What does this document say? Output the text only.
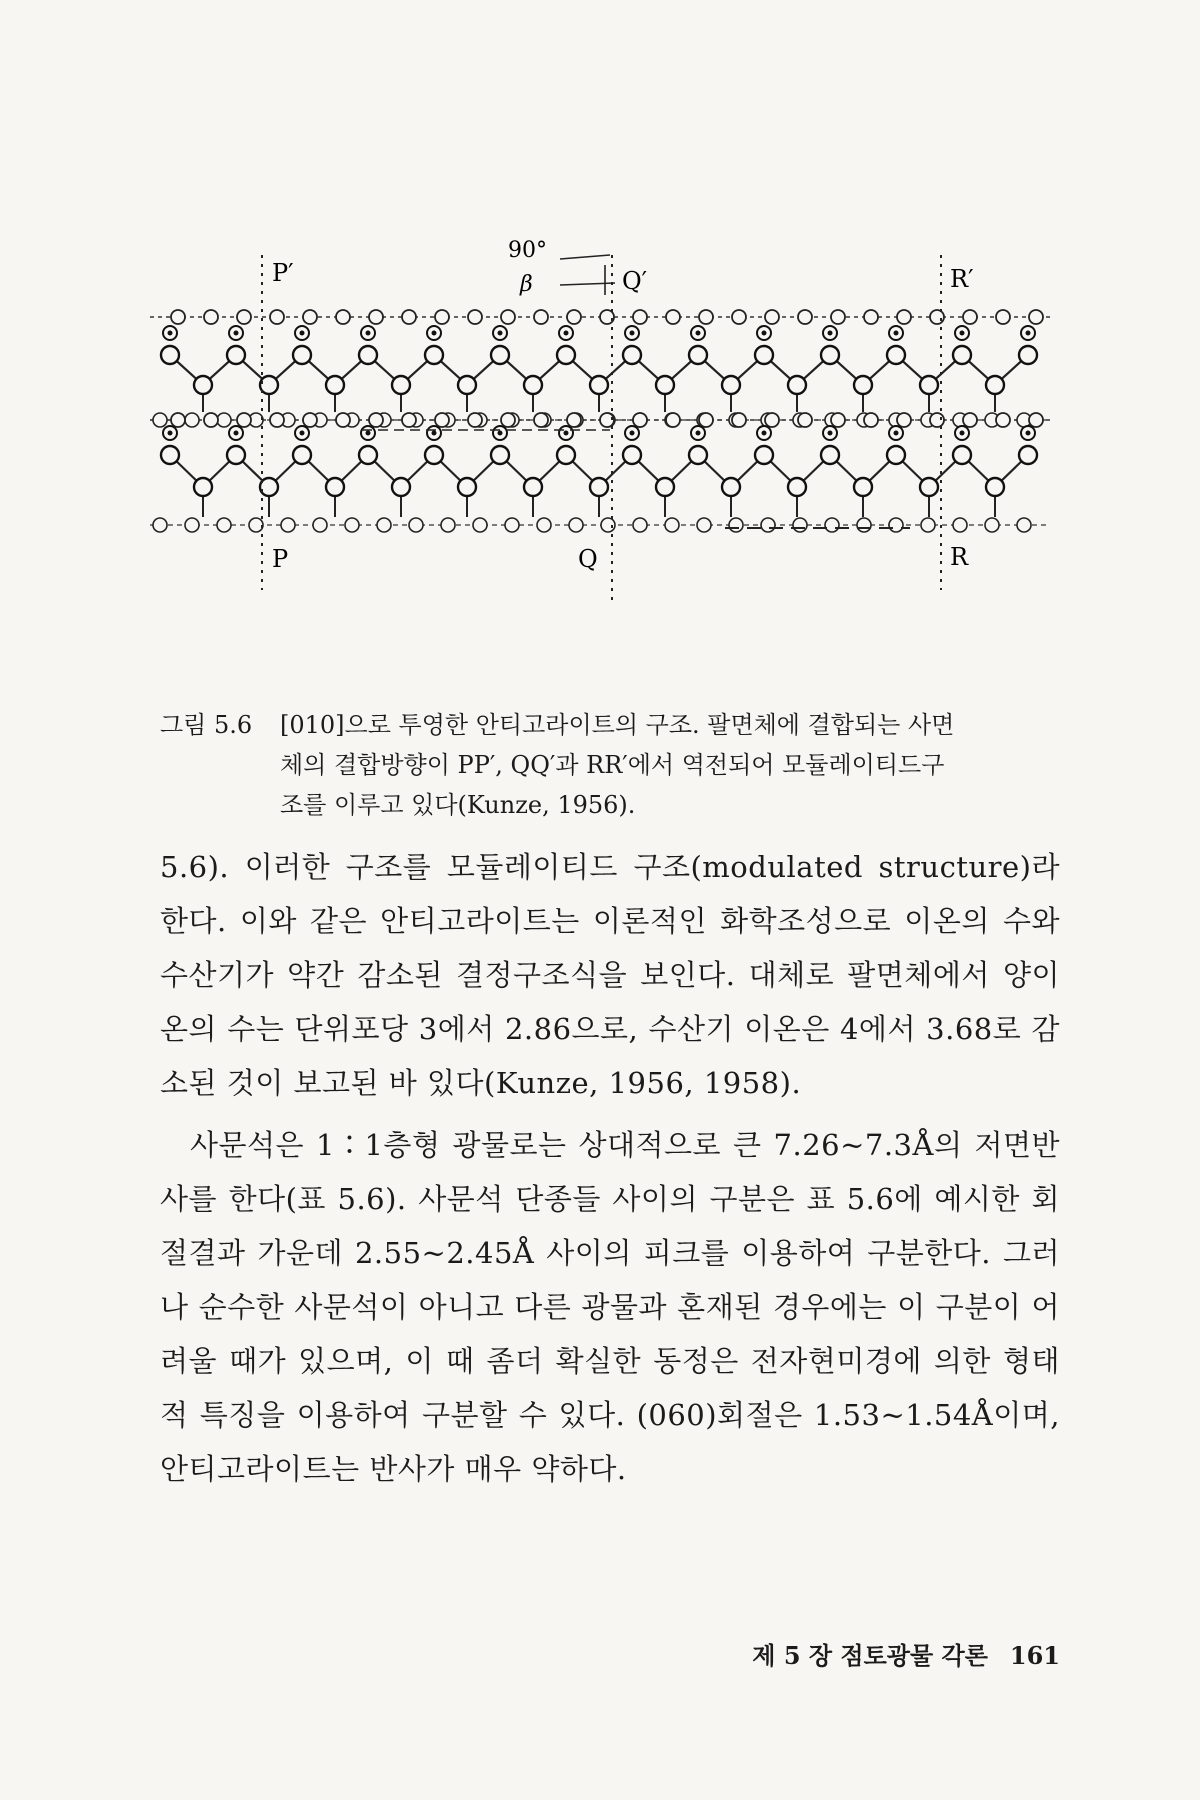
P′
90°
β	Q′	R′
P	Q	R
그림 5.6 [010]으로 투영한 안티고라이트의 구조. 팔면체에 결합되는 사면
체의 결합방향이 PP′, QQ′과 RR′에서 역전되어 모듈레이티드구
조를 이루고 있다(Kunze, 1956).

5.6). 이러한 구조를 모듈레이티드 구조(modulated structure)라 한다. 이와 같은 안티고라이트는 이론적인 화학조성으로 이온의 수와 수산기가 약간 감소된 결정구조식을 보인다. 대체로 팔면체에서 양이온의 수는 단위포당 3에서 2.86으로, 수산기 이온은 4에서 3.68로 감소된 것이 보고된 바 있다(Kunze, 1956, 1958).

사문석은 1∶1층형 광물로는 상대적으로 큰 7.26~7.3Å의 저면반사를 한다(표 5.6). 사문석 단종들 사이의 구분은 표 5.6에 예시한 회절결과 가운데 2.55~2.45Å 사이의 피크를 이용하여 구분한다. 그러나 순수한 사문석이 아니고 다른 광물과 혼재된 경우에는 이 구분이 어려울 때가 있으며, 이 때 좀더 확실한 동정은 전자현미경에 의한 형태적 특징을 이용하여 구분할 수 있다. (060)회절은 1.53~1.54Å이며, 안티고라이트는 반사가 매우 약하다.

제 5 장 점토광물 각론 161
